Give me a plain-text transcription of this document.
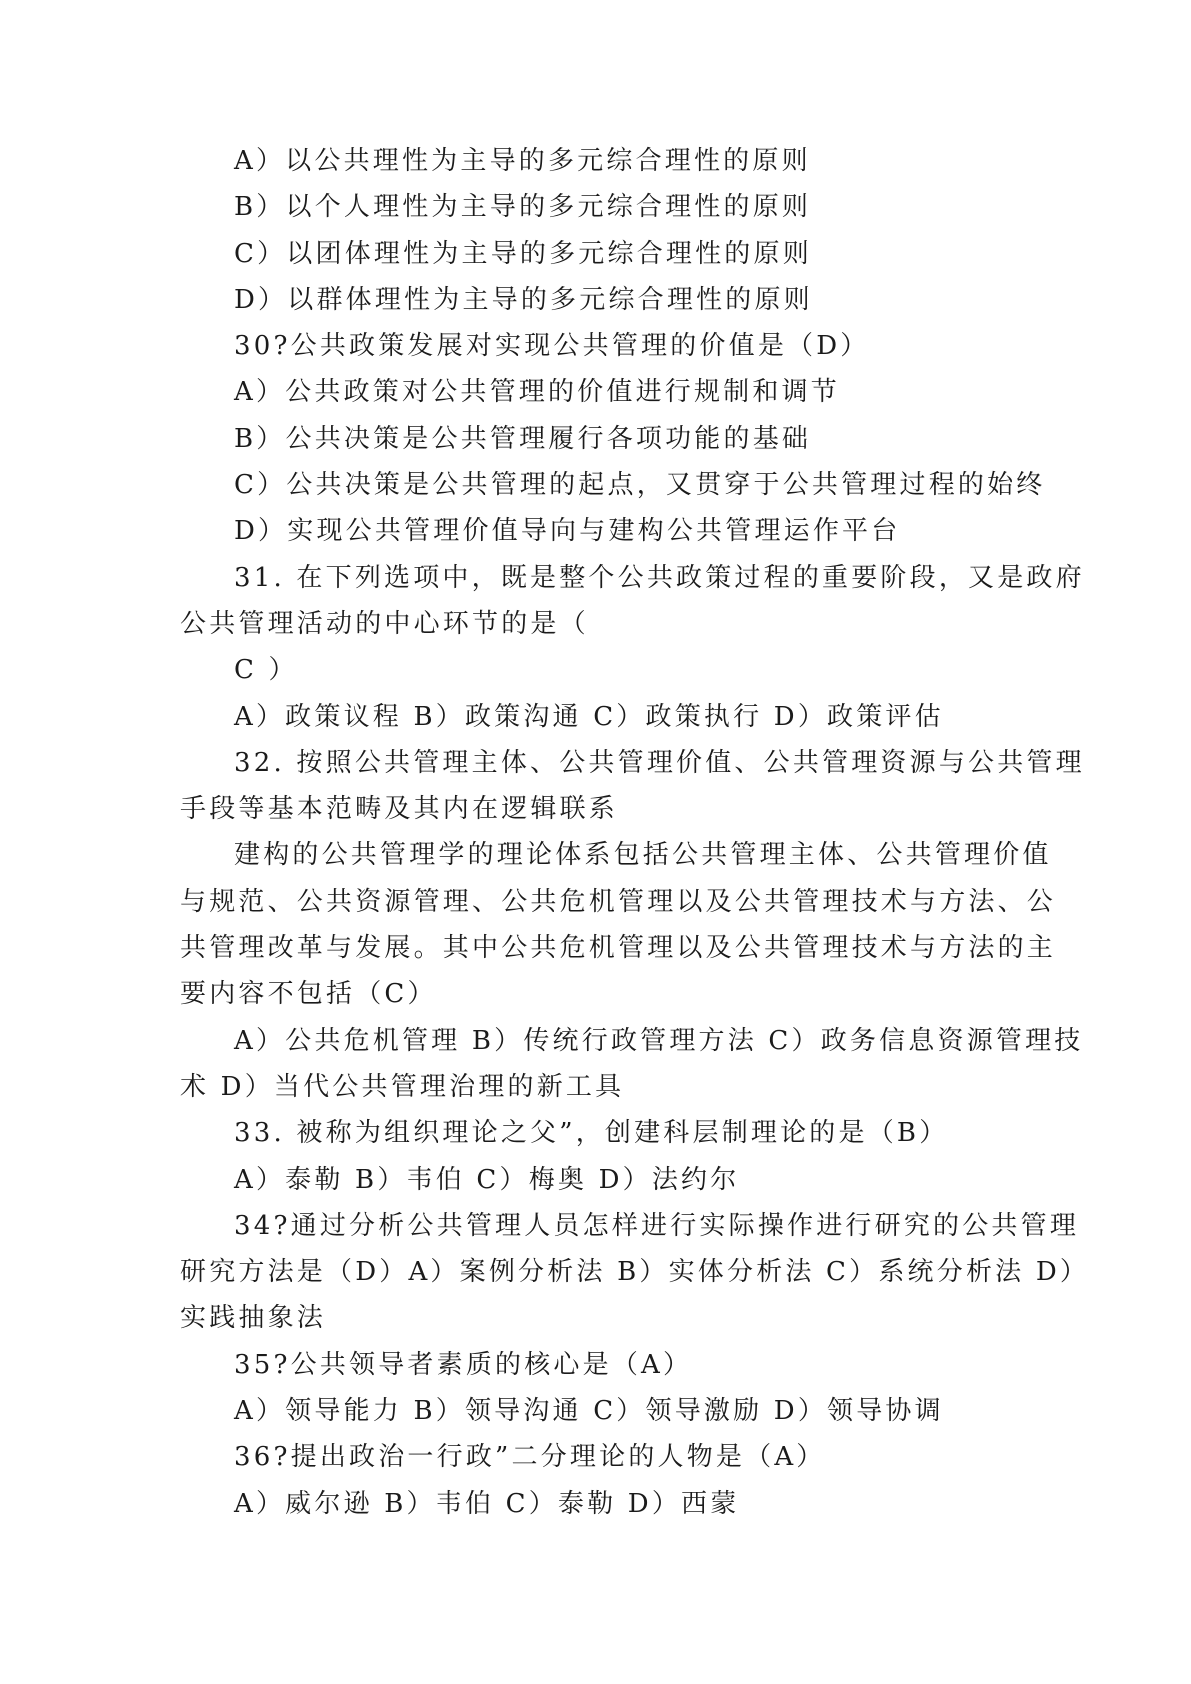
A）以公共理性为主导的多元综合理性的原则
B）以个人理性为主导的多元综合理性的原则
C）以团体理性为主导的多元综合理性的原则
D）以群体理性为主导的多元综合理性的原则
30?公共政策发展对实现公共管理的价值是（D）
A）公共政策对公共管理的价值进行规制和调节
B）公共决策是公共管理履行各项功能的基础
C）公共决策是公共管理的起点，又贯穿于公共管理过程的始终
D）实现公共管理价值导向与建构公共管理运作平台
31. 在下列选项中，既是整个公共政策过程的重要阶段，又是政府
公共管理活动的中心环节的是（
C ）
A）政策议程 B）政策沟通 C）政策执行 D）政策评估
32. 按照公共管理主体、公共管理价值、公共管理资源与公共管理
手段等基本范畴及其内在逻辑联系
建构的公共管理学的理论体系包括公共管理主体、公共管理价值
与规范、公共资源管理、公共危机管理以及公共管理技术与方法、公
共管理改革与发展。其中公共危机管理以及公共管理技术与方法的主
要内容不包括（C）
A）公共危机管理 B）传统行政管理方法 C）政务信息资源管理技
术 D）当代公共管理治理的新工具
33. 被称为组织理论之父”，创建科层制理论的是（B）
A）泰勒 B）韦伯 C）梅奥 D）法约尔
34?通过分析公共管理人员怎样进行实际操作进行研究的公共管理
研究方法是（D）A）案例分析法 B）实体分析法 C）系统分析法 D）
实践抽象法
35?公共领导者素质的核心是（A）
A）领导能力 B）领导沟通 C）领导激励 D）领导协调
36?提出政治一行政”二分理论的人物是（A）
A）威尔逊 B）韦伯 C）泰勒 D）西蒙
